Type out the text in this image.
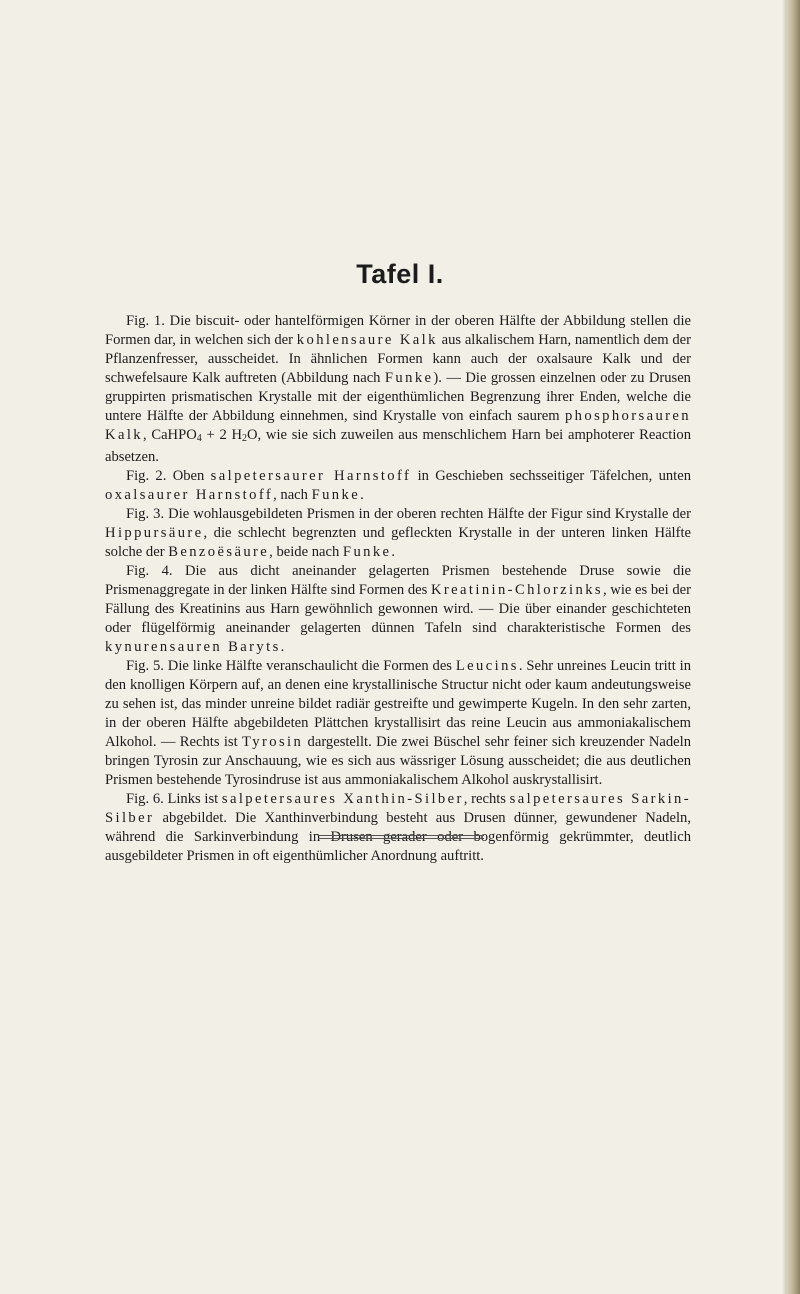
Tafel I.

Fig. 1. Die biscuit- oder hantelförmigen Körner in der oberen Hälfte der Abbildung stellen die Formen dar, in welchen sich der kohlensaure Kalk aus alkalischem Harn, namentlich dem der Pflanzenfresser, ausscheidet. In ähnlichen Formen kann auch der oxalsaure Kalk und der schwefelsaure Kalk auftreten (Abbildung nach Funke). — Die grossen einzelnen oder zu Drusen gruppirten prismatischen Krystalle mit der eigenthümlichen Begrenzung ihrer Enden, welche die untere Hälfte der Abbildung einnehmen, sind Krystalle von einfach saurem phosphorsauren Kalk, CaHPO$_4$ + 2 $H_2O$, wie sie sich zuweilen aus menschlichem Harn bei amphoterer Reaction absetzen.

Fig. 2. Oben salpetersaurer Harnstoff in Geschieben sechsseitiger Täfelchen, unten oxalsaurer Harnstoff, nach Funke.

Fig. 3. Die wohlausgebildeten Prismen in der oberen rechten Hälfte der Figur sind Krystalle der Hippursäure, die schlecht begrenzten und gefleckten Krystalle in der unteren linken Hälfte solche der Benzoësäure, beide nach Funke.

Fig. 4. Die aus dicht aneinander gelagerten Prismen bestehende Druse sowie die Prismenaggregate in der linken Hälfte sind Formen des Kreatinin-Chlorzinks, wie es bei der Fällung des Kreatinins aus Harn gewöhnlich gewonnen wird. — Die über einander geschichteten oder flügelförmig aneinander gelagerten dünnen Tafeln sind charakteristische Formen des kynurensauren Baryts.

Fig. 5. Die linke Hälfte veranschaulicht die Formen des Leucins. Sehr unreines Leucin tritt in den knolligen Körpern auf, an denen eine krystallinische Structur nicht oder kaum andeutungsweise zu sehen ist, das minder unreine bildet radiär gestreifte und gewimperte Kugeln. In den sehr zarten, in der oberen Hälfte abgebildeten Plättchen krystallisirt das reine Leucin aus ammoniakalischem Alkohol. — Rechts ist Tyrosin dargestellt. Die zwei Büschel sehr feiner sich kreuzender Nadeln bringen Tyrosin zur Anschauung, wie es sich aus wässriger Lösung ausscheidet; die aus deutlichen Prismen bestehende Tyrosindruse ist aus ammoniakalischem Alkohol auskrystallisirt.

Fig. 6. Links ist salpetersaures Xanthin-Silber, rechts salpetersaures Sarkin-Silber abgebildet. Die Xanthinverbindung besteht aus Drusen dünner, gewundener Nadeln, während die Sarkinverbindung in Drusen gerader oder bogenförmig gekrümmter, deutlich ausgebildeter Prismen in oft eigenthümlicher Anordnung auftritt.
